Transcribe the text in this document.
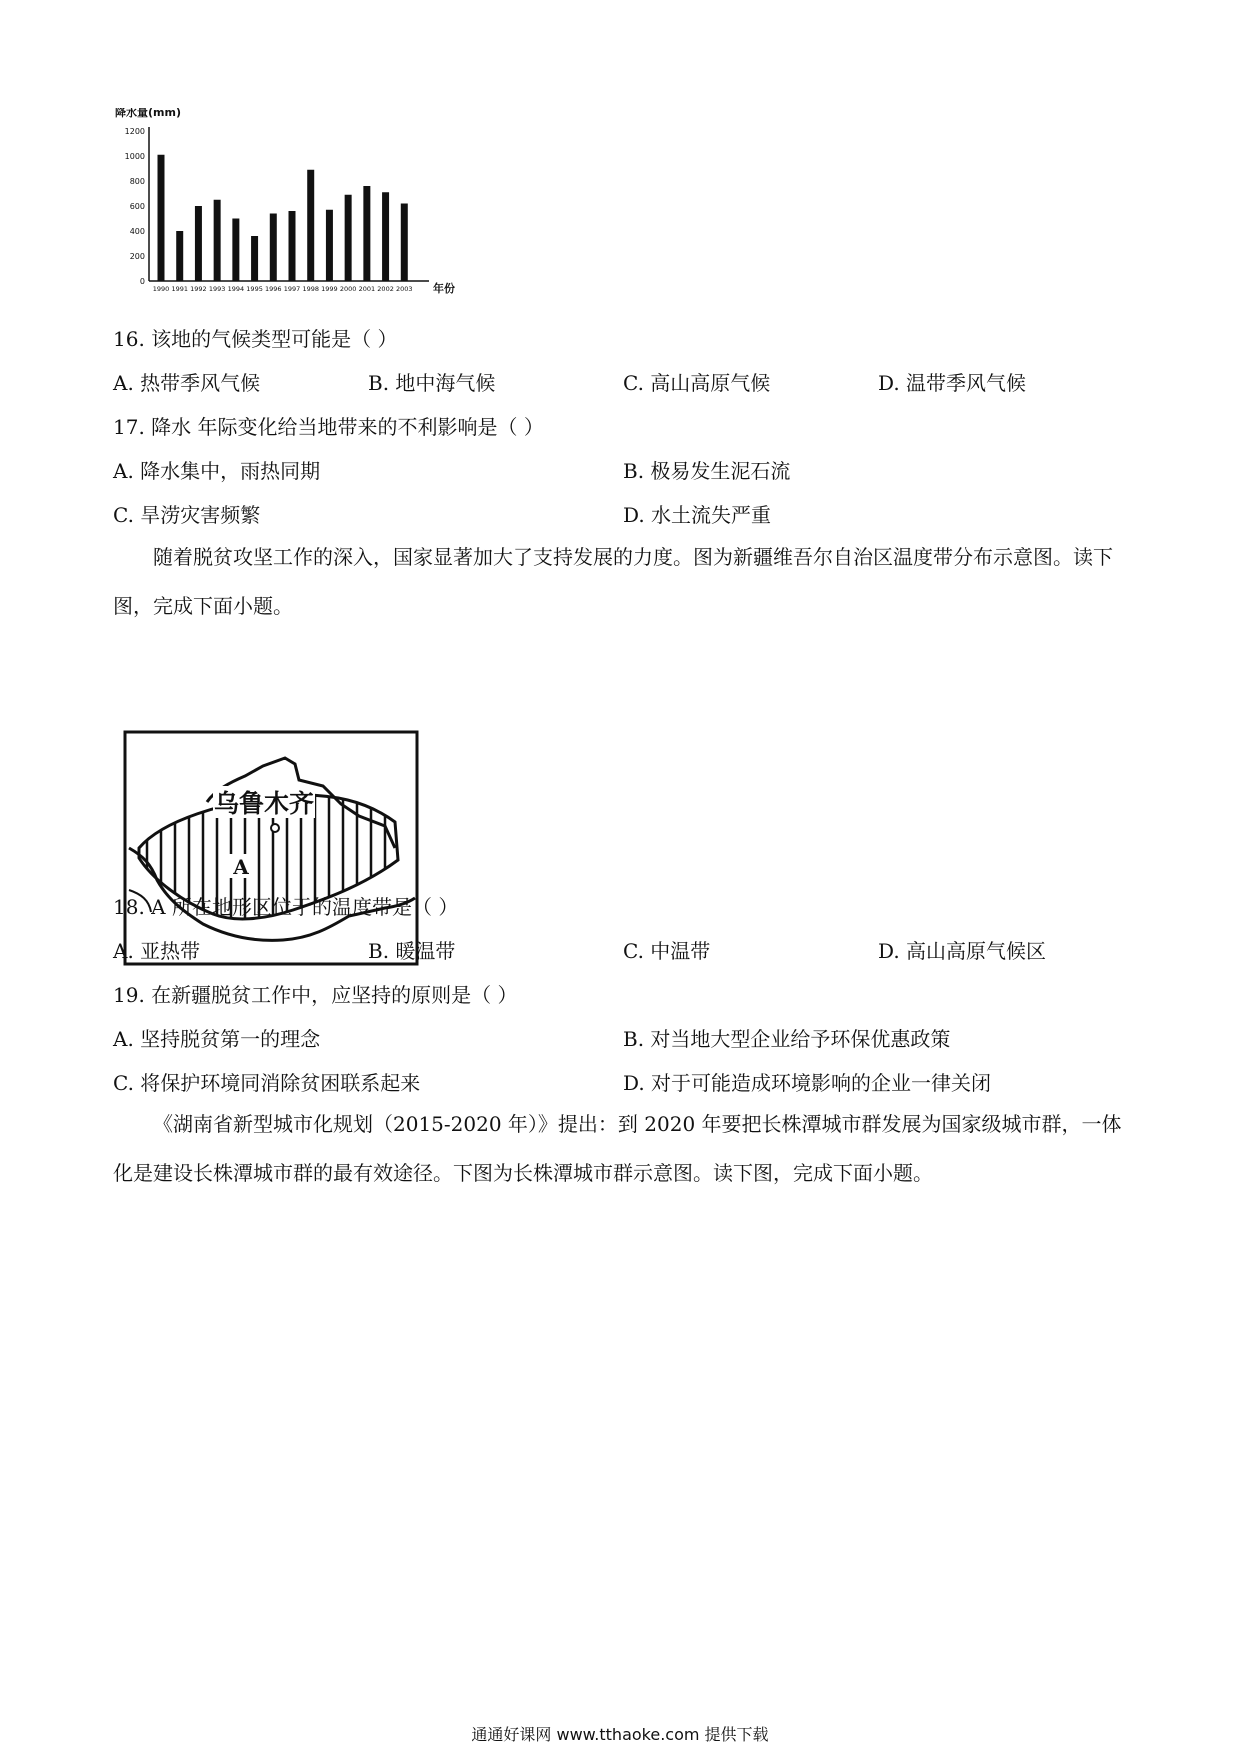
降水量(mm)
0
200
400
600
800
1000
1200
1990 1991 1992 1993 1994 1995 1996 1997 1998 1999 2000 2001 2002 2003 年份
16. 该地的气候类型可能是（ ）
A. 热带季风气候	B. 地中海气候	C. 高山高原气候	D. 温带季风气候
17. 降水 年际变化给当地带来的不利影响是（ ）
A. 降水集中，雨热同期	B. 极易发生泥石流
C. 旱涝灾害频繁	D. 水土流失严重
随着脱贫攻坚工作的深入，国家显著加大了支持发展的力度。图为新疆维吾尔自治区温度带分布示意图。读下图，完成下面小题。
乌鲁木齐
A
18. A 所在地形区位于的温度带是（ ）
A. 亚热带	B. 暖温带	C. 中温带	D. 高山高原气候区
19. 在新疆脱贫工作中，应坚持的原则是（ ）
A. 坚持脱贫第一的理念	B. 对当地大型企业给予环保优惠政策
C. 将保护环境同消除贫困联系起来	D. 对于可能造成环境影响的企业一律关闭
《湖南省新型城市化规划（2015-2020 年）》提出：到 2020 年要把长株潭城市群发展为国家级城市群，一体化是建设长株潭城市群的最有效途径。下图为长株潭城市群示意图。读下图，完成下面小题。
通通好课网 www.tthaoke.com 提供下载
